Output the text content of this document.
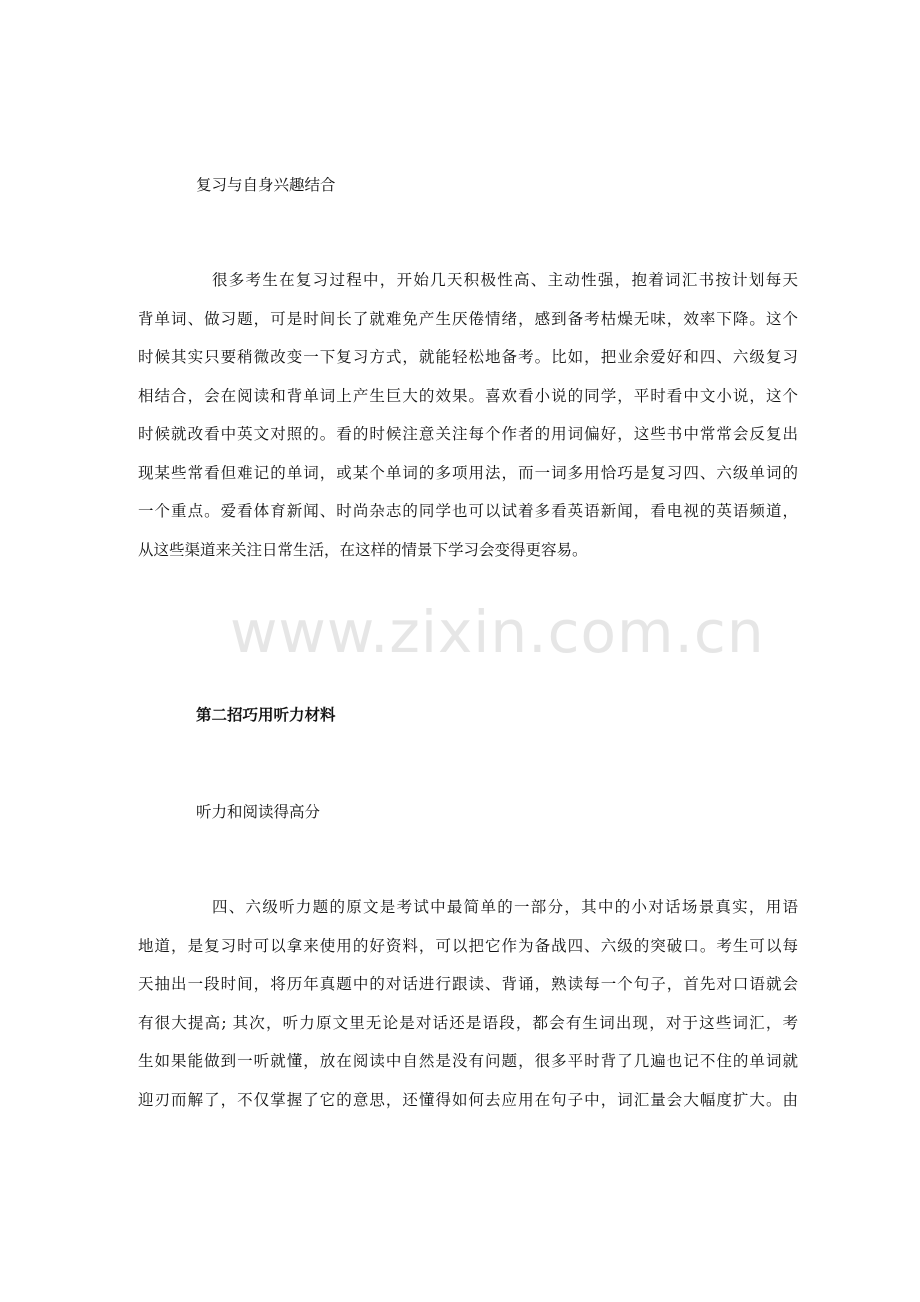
复习与自身兴趣结合
很多考生在复习过程中，开始几天积极性高、主动性强，抱着词汇书按计划每天
背单词、做习题，可是时间长了就难免产生厌倦情绪，感到备考枯燥无味，效率下降。这个
时候其实只要稍微改变一下复习方式，就能轻松地备考。比如，把业余爱好和四、六级复习
相结合，会在阅读和背单词上产生巨大的效果。喜欢看小说的同学，平时看中文小说，这个
时候就改看中英文对照的。看的时候注意关注每个作者的用词偏好，这些书中常常会反复出
现某些常看但难记的单词，或某个单词的多项用法，而一词多用恰巧是复习四、六级单词的
一个重点。爱看体育新闻、时尚杂志的同学也可以试着多看英语新闻，看电视的英语频道，
从这些渠道来关注日常生活，在这样的情景下学习会变得更容易。
第二招巧用听力材料
听力和阅读得高分
四、六级听力题的原文是考试中最简单的一部分，其中的小对话场景真实，用语
地道，是复习时可以拿来使用的好资料，可以把它作为备战四、六级的突破口。考生可以每
天抽出一段时间，将历年真题中的对话进行跟读、背诵，熟读每一个句子，首先对口语就会
有很大提高; 其次，听力原文里无论是对话还是语段，都会有生词出现，对于这些词汇，考
生如果能做到一听就懂，放在阅读中自然是没有问题，很多平时背了几遍也记不住的单词就
迎刃而解了，不仅掌握了它的意思，还懂得如何去应用在句子中，词汇量会大幅度扩大。由
www.zixin.com.cn
